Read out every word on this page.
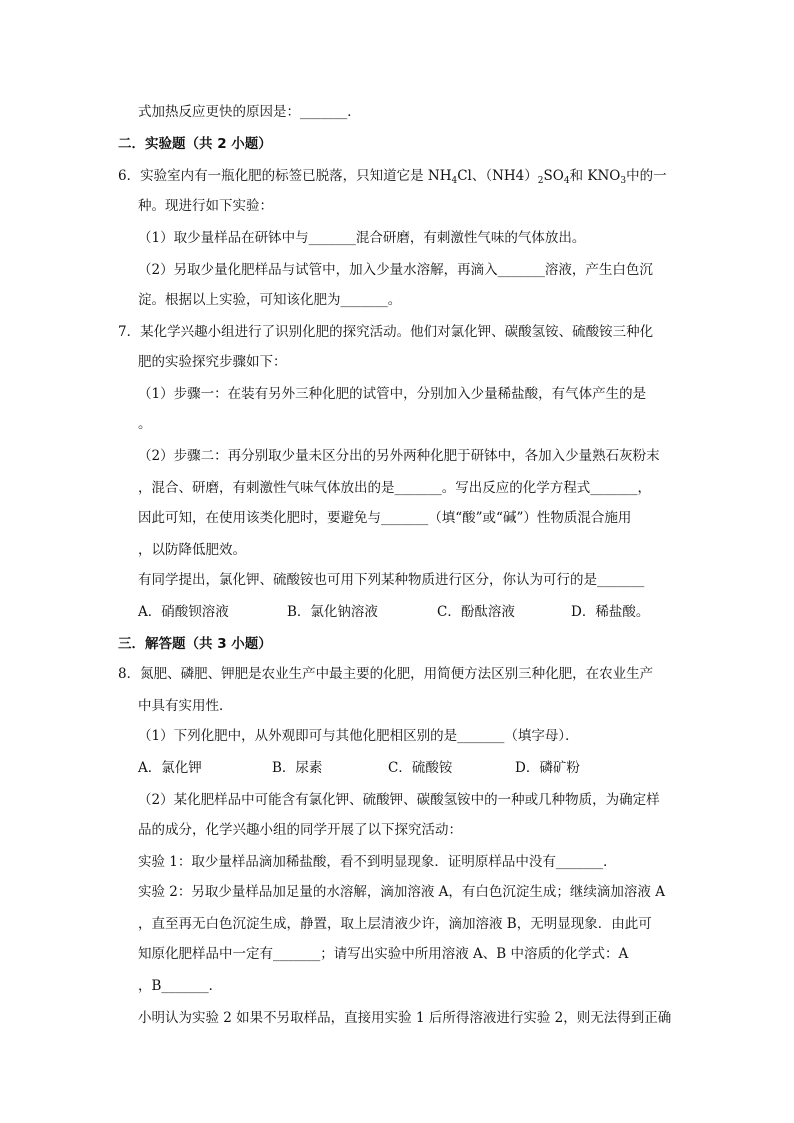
式加热反应更快的原因是：_______．
二．实验题（共 2 小题）
6．实验室内有一瓶化肥的标签已脱落，只知道它是 $NH_4Cl$、$(NH4)_2SO_4$和 $KNO_3$中的一
种。现进行如下实验：
（1）取少量样品在研钵中与_______混合研磨，有刺激性气味的气体放出。
（2）另取少量化肥样品与试管中，加入少量水溶解，再滴入_______溶液，产生白色沉
淀。根据以上实验，可知该化肥为_______。
7．某化学兴趣小组进行了识别化肥的探究活动。他们对氯化钾、碳酸氢铵、硫酸铵三种化
肥的实验探究步骤如下：
（1）步骤一：在装有另外三种化肥的试管中，分别加入少量稀盐酸，有气体产生的是
。
（2）步骤二：再分别取少量未区分出的另外两种化肥于研钵中，各加入少量熟石灰粉末
，混合、研磨，有刺激性气味气体放出的是_______。写出反应的化学方程式_______，
因此可知，在使用该类化肥时，要避免与_______（填“酸”或“碱”）性物质混合施用
，以防降低肥效。
有同学提出，氯化钾、硫酸铵也可用下列某种物质进行区分，你认为可行的是_______
A．硝酸钡溶液	B．氯化钠溶液	C．酚酞溶液	D．稀盐酸。
三．解答题（共 3 小题）
8．氮肥、磷肥、钾肥是农业生产中最主要的化肥，用简便方法区别三种化肥，在农业生产
中具有实用性．
（1）下列化肥中，从外观即可与其他化肥相区别的是_______（填字母）．
A．氯化钾	B．尿素	C．硫酸铵	D．磷矿粉
（2）某化肥样品中可能含有氯化钾、硫酸钾、碳酸氢铵中的一种或几种物质，为确定样
品的成分，化学兴趣小组的同学开展了以下探究活动：
实验 1：取少量样品滴加稀盐酸，看不到明显现象．证明原样品中没有_______．
实验 2：另取少量样品加足量的水溶解，滴加溶液 A，有白色沉淀生成；继续滴加溶液 A
，直至再无白色沉淀生成，静置，取上层清液少许，滴加溶液 B，无明显现象．由此可
知原化肥样品中一定有_______；请写出实验中所用溶液 A、B 中溶质的化学式：A
，B_______．
小明认为实验 2 如果不另取样品，直接用实验 1 后所得溶液进行实验 2，则无法得到正确
